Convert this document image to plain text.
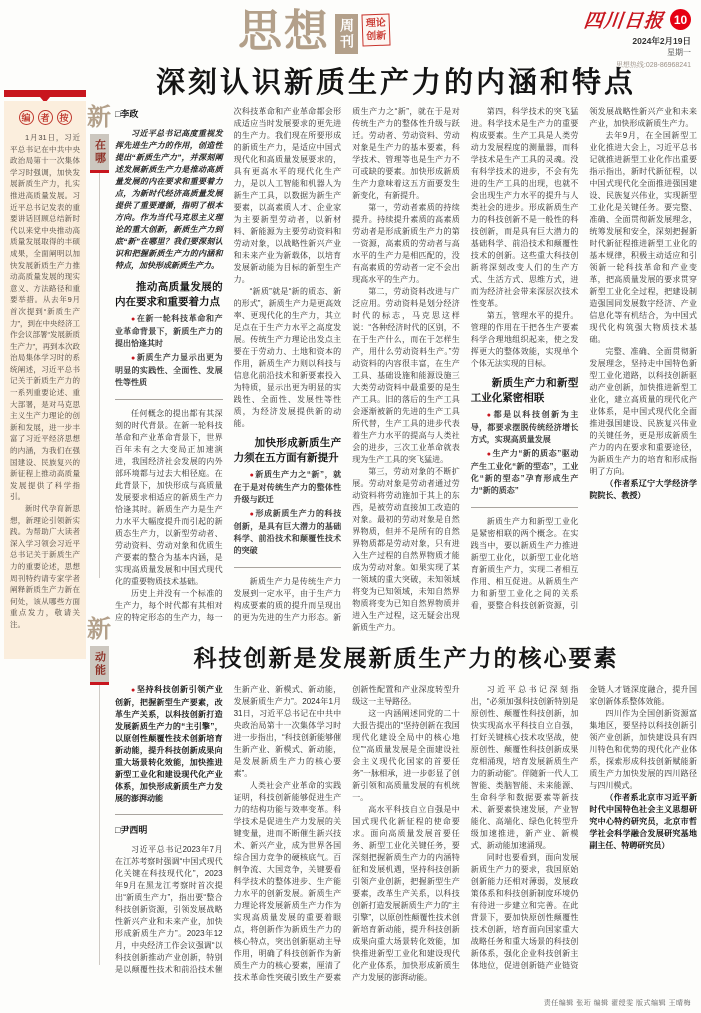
思想 周刊	理论
创新
四川日报 10
2024年2月19日
星期一
思想热线:028-86968241
深刻认识新质生产力的内涵和特点
编	者	按

1月31日，习近平总书记在中共中央政治局第十一次集体学习时强调，加快发展新质生产力，扎实推进高质量发展。习近平总书记发表的重要讲话回顾总结新时代以来党中央推动高质量发展取得的丰硕成果，全面阐明以加快发展新质生产力推动高质量发展的现实意义、方法路径和重要举措。从去年9月首次提到“新质生产力”，到在中央经济工作会议部署“发展新质生产力”，再到本次政治局集体学习时的系统阐述，习近平总书记关于新质生产力的一系列重要论述、重大部署，是对马克思主义生产力理论的创新和发展，进一步丰富了习近平经济思想的内涵，为我们在强国建设、民族复兴的新征程上推动高质量发展提供了科学指引。

新时代孕育新思想，新理论引领新实践。为帮助广大读者深入学习领会习近平总书记关于新质生产力的重要论述，思想周刊特约请专家学者阐释新质生产力新在何处，该从哪些方面重点发力，敬请关注。

新
在哪

□李政

习近平总书记高度重视发挥先进生产力的作用，创造性提出“新质生产力”，并深刻阐述发展新质生产力是推动高质量发展的内在要求和重要着力点，为新时代经济高质量发展提供了重要遵循，指明了根本方向。作为当代马克思主义理论的重大创新，新质生产力到底“新”在哪里？我们要深刻认识和把握新质生产力的内涵和特点，加快形成新质生产力。

推动高质量发展的内在要求和重要着力点

● 在新一轮科技革命和产业革命背景下，新质生产力的提出恰逢其时

● 新质生产力显示出更为明显的实践性、全面性、发展性等性质

任何概念的提出都有其深刻的时代背景。在新一轮科技革命和产业革命背景下，世界百年未有之大变局正加速演进，我国经济社会发展的内外部环境都与过去大相径庭。在此背景下，加快形成与高质量发展要求相适应的新质生产力恰逢其时。新质生产力是生产力水平大幅度提升而引起的新质态生产力，以新型劳动者、劳动资料、劳动对象和优质生产要素的整合为基本内涵，是实现高质量发展和中国式现代化的重要物质技术基础。

历史上并没有一个标准的生产力，每个时代都有其相对应的特定形态的生产力，每一次科技革命和产业革命都会形成适应当时发展要求的更先进的生产力。我们现在所要形成的新质生产力，是适应中国式现代化和高质量发展要求的，具有更高水平的现代化生产力，是以人工智能和机器人为新生产工具，以数据为新生产要素，以高素质人才、企业家为主要新型劳动者，以新材料、新能源为主要劳动资料和劳动对象，以战略性新兴产业和未来产业为新载体，以培育发展新动能为目标的新型生产力。

“新质”就是“新的质态、新的形式”，新质生产力是更高效率、更现代化的生产力，其立足点在于生产力水平之高度发展。传统生产力理论出发点主要在于劳动力、土地和资本的作用，新质生产力则以科技与信息化前沿技术和新要素投入为特质，显示出更为明显的实践性、全面性、发展性等性质，为经济发展提供新的动能。

加快形成新质生产力须在五方面有新提升

● 新质生产力之“新”，就在于是对传统生产力的整体性升级与跃迁

● 形成新质生产力的科技创新，是具有巨大潜力的基础科学、前沿技术和颠覆性技术的突破

新质生产力是传统生产力发展到一定水平，由于生产力构成要素的质的提升而呈现出的更为先进的生产力形态。新质生产力之“新”，就在于是对传统生产力的整体性升级与跃迁。劳动者、劳动资料、劳动对象是生产力的基本要素，科学技术、管理等也是生产力不可或缺的要素。加快形成新质生产力意味着这五方面要发生新变化，有新提升。

第一，劳动者素质的持续提升。持续提升素质的高素质劳动者是形成新质生产力的第一资源，高素质的劳动者与高水平的生产力是相匹配的，没有高素质的劳动者一定不会出现高水平的生产力。

第二，劳动资料改进与广泛应用。劳动资料是划分经济时代的标志，马克思这样说：“各种经济时代的区别，不在于生产什么，而在于怎样生产，用什么劳动资料生产。”劳动资料的内容很丰富，在生产工具、基础设施和能源设施三大类劳动资料中最重要的是生产工具。旧的落后的生产工具会逐渐被新的先进的生产工具所代替，生产工具的进步代表着生产力水平的提高与人类社会的进步，三次工业革命就表现为生产工具的突飞猛进。

第三，劳动对象的不断扩展。劳动对象是劳动者通过劳动资料将劳动施加于其上的东西，是被劳动直接加工改造的对象。最初的劳动对象是自然界物质，但并不是所有的自然界物质都是劳动对象，只有进入生产过程的自然界物质才能成为劳动对象。如果实现了某一领域的重大突破，未知领域将变为已知领域，未知自然界物质将变为已知自然界物质并进入生产过程，这无疑会出现新质生产力。

第四，科学技术的突飞猛进。科学技术是生产力的重要构成要素。生产工具是人类劳动力发展程度的测量器，而科学技术是生产工具的灵魂。没有科学技术的进步，不会有先进的生产工具的出现，也就不会出现生产力水平的提升与人类社会的进步。形成新质生产力的科技创新不是一般性的科技创新，而是具有巨大潜力的基础科学、前沿技术和颠覆性技术的创新。这些重大科技创新将深刻改变人们的生产方式、生活方式、思维方式，进而为经济社会带来深层次技术性变革。

第五，管理水平的提升。管理的作用在于把各生产要素科学合理地组织起来，使之发挥更大的整体效能，实现单个个体无法实现的目标。

新质生产力和新型工业化紧密相联

● 都是以科技创新为主导，都要求摆脱传统经济增长方式，实现高质量发展

● 生产力“新的质态”驱动产生工业化“新的型态”，工业化“新的型态”孕育形成生产力“新的质态”

新质生产力和新型工业化是紧密相联的两个概念。在实践当中，要以新质生产力推进新型工业化，以新型工业化培育新质生产力，实现二者相互作用、相互促进。从新质生产力和新型工业化之间的关系看，要整合科技创新资源，引领发展战略性新兴产业和未来产业，加快形成新质生产力。

去年9月，在全国新型工业化推进大会上，习近平总书记就推进新型工业化作出重要指示指出，新时代新征程，以中国式现代化全面推进强国建设、民族复兴伟业，实现新型工业化是关键任务。要完整、准确、全面贯彻新发展理念，统筹发展和安全，深刻把握新时代新征程推进新型工业化的基本规律，积极主动适应和引领新一轮科技革命和产业变革，把高质量发展的要求贯穿新型工业化全过程，把建设制造强国同发展数字经济、产业信息化等有机结合，为中国式现代化构筑强大物质技术基础。

完整、准确、全面贯彻新发展理念，坚持走中国特色新型工业化道路，以科技创新驱动产业创新，加快推进新型工业化，建立高质量的现代化产业体系，是中国式现代化全面推进强国建设、民族复兴伟业的关键任务，更是形成新质生产力的内在要求和重要途径，为新质生产力的培育和形成指明了方向。

（作者系辽宁大学经济学院院长、教授）

新
动能	科技创新是发展新质生产力的核心要素

● 坚持科技创新引领产业创新，把握新型生产要素，改革生产关系，以科技创新打造发展新质生产力的“主引擎”，以原创性颠覆性技术创新培育新动能，提升科技创新成果向重大场景转化效能，加快推进新型工业化和建设现代化产业体系，加快形成新质生产力发展的澎湃动能

□尹西明

习近平总书记2023年7月在江苏考察时强调“中国式现代化关键在科技现代化”，2023年9月在黑龙江考察时首次提出“新质生产力”，指出要“整合科技创新资源，引领发展战略性新兴产业和未来产业，加快形成新质生产力”。2023年12月，中央经济工作会议强调“以科技创新推动产业创新，特别是以颠覆性技术和前沿技术催生新产业、新模式、新动能，发展新质生产力”。2024年1月31日，习近平总书记在中共中央政治局第十一次集体学习时进一步指出，“科技创新能够催生新产业、新模式、新动能，是发展新质生产力的核心要素”。

人类社会产业革命的实践证明，科技创新能够促进生产力的结构功能与效率变革。科学技术是促进生产力发展的关键变量，进而不断催生新兴技术、新兴产业，成为世界各国综合国力竞争的硬核底气。百舸争流、大国竞争，关键要看科学技术的整体进步、生产能力水平的创新发展。新质生产力理论将发展新质生产力作为实现高质量发展的重要着眼点，将创新作为新质生产力的核心特点，突出创新驱动主导作用，明确了科技创新作为新质生产力的核心要素，厘清了技术革命性突破引致生产要素创新性配置和产业深度转型升级这一主导路径。

这一内涵阐述同党的二十大报告提出的“坚持创新在我国现代化建设全局中的核心地位”“高质量发展是全面建设社会主义现代化国家的首要任务”一脉相承，进一步彰显了创新引领和高质量发展的有机统一。

高水平科技自立自强是中国式现代化新征程的使命要求。面向高质量发展首要任务、新型工业化关键任务，要深刻把握新质生产力的内涵特征和发展机遇，坚持科技创新引领产业创新，把握新型生产要素，改革生产关系，以科技创新打造发展新质生产力的“主引擎”，以原创性颠覆性技术创新培育新动能，提升科技创新成果向重大场景转化效能，加快推进新型工业化和建设现代化产业体系，加快形成新质生产力发展的澎湃动能。

习近平总书记深刻指出，“必须加强科技创新特别是原创性、颠覆性科技创新，加快实现高水平科技自立自强，打好关键核心技术攻坚战，使原创性、颠覆性科技创新成果竞相涌现，培育发展新质生产力的新动能”。伴随新一代人工智能、类脑智能、未来能源、生命科学和数据要素等新技术、新要素快速发展，产业智能化、高端化、绿色化转型升级加速推进，新产业、新模式、新动能加速涌现。

同时也要看到，面向发展新质生产力的要求，我国原始创新能力还相对薄弱，发展政策体系和科技创新制度环境仍有待进一步建立和完善。在此背景下，要加快原创性颠覆性技术创新，培育面向国家重大战略任务和重大场景的科技创新体系，强化企业科技创新主体地位，促进创新链产业链资金链人才链深度融合，提升国家创新体系整体效能。

四川作为全国创新资源富集地区，要坚持以科技创新引领产业创新，加快建设具有四川特色和优势的现代化产业体系，探索形成科技创新赋能新质生产力加快发展的四川路径与四川模式。

（作者系北京市习近平新时代中国特色社会主义思想研究中心特约研究员，北京市哲学社会科学融合发展研究基地副主任、特聘研究员）

责任编辑 张珩 编辑 翟绶雯 版式编辑 王晴梅
